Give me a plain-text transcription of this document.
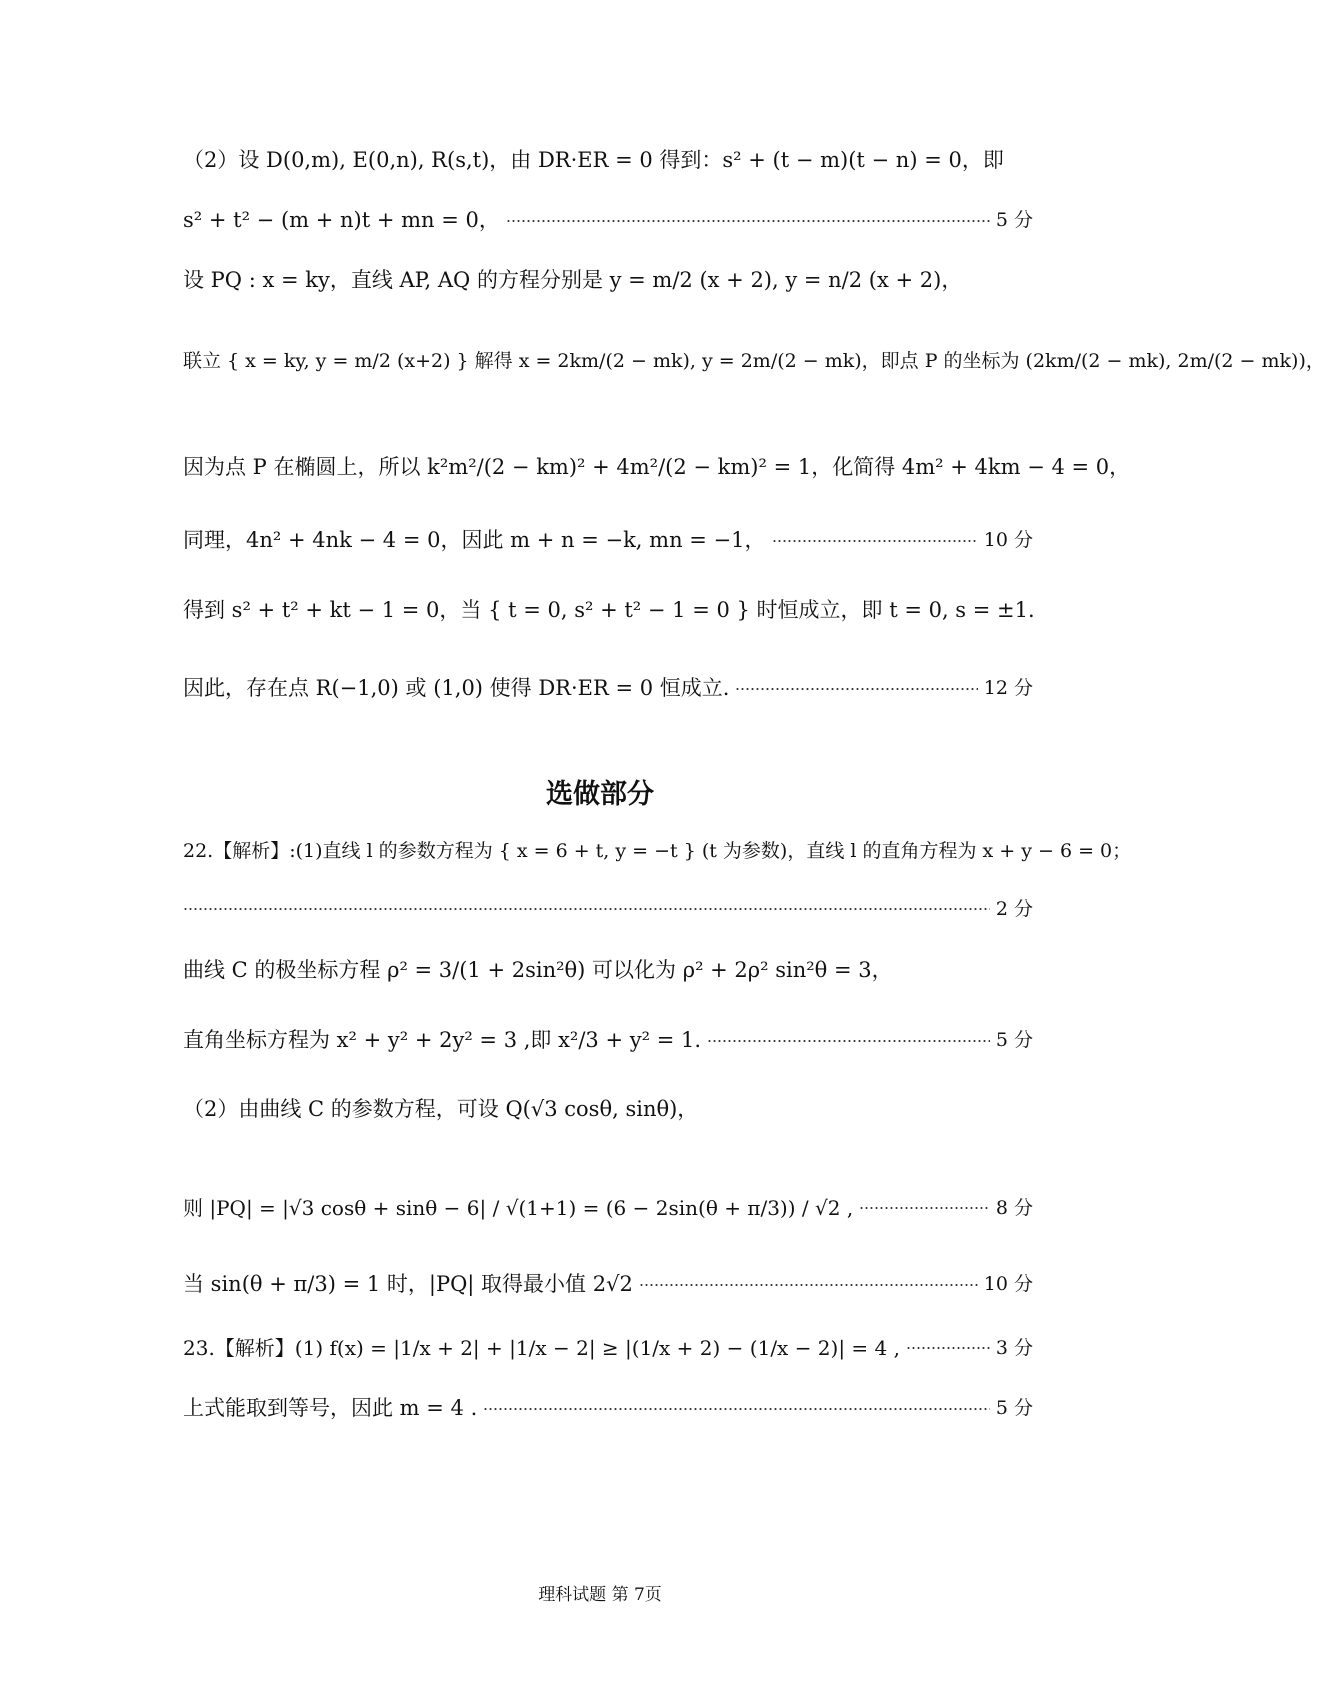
（2）设 D(0,m), E(0,n), R(s,t)，由 DR·ER = 0 得到：s² + (t − m)(t − n) = 0，即
s² + t² − (m + n)t + mn = 0，	5 分
设 PQ : x = ky，直线 AP, AQ 的方程分别是 y = m/2 (x + 2), y = n/2 (x + 2)，
联立 { x = ky, y = m/2 (x+2) } 解得 x = 2km/(2 − mk), y = 2m/(2 − mk)，即点 P 的坐标为 (2km/(2 − mk), 2m/(2 − mk))，
因为点 P 在椭圆上，所以 k²m²/(2 − km)² + 4m²/(2 − km)² = 1，化简得 4m² + 4km − 4 = 0，
同理，4n² + 4nk − 4 = 0，因此 m + n = −k, mn = −1，	10 分
得到 s² + t² + kt − 1 = 0，当 { t = 0, s² + t² − 1 = 0 } 时恒成立，即 t = 0, s = ±1.
因此，存在点 R(−1,0) 或 (1,0) 使得 DR·ER = 0 恒成立.	12 分
选做部分
22.【解析】:(1)直线 l 的参数方程为 { x = 6 + t, y = −t } (t 为参数)，直线 l 的直角方程为 x + y − 6 = 0；
2 分
曲线 C 的极坐标方程 ρ² = 3/(1 + 2sin²θ) 可以化为 ρ² + 2ρ² sin²θ = 3，
直角坐标方程为 x² + y² + 2y² = 3 ,即 x²/3 + y² = 1.	5 分
（2）由曲线 C 的参数方程，可设 Q(√3 cosθ, sinθ)，
则 |PQ| = |√3 cosθ + sinθ − 6| / √(1+1) = (6 − 2sin(θ + π/3)) / √2 ,	8 分
当 sin(θ + π/3) = 1 时，|PQ| 取得最小值 2√2	10 分
23.【解析】(1) f(x) = |1/x + 2| + |1/x − 2| ≥ |(1/x + 2) − (1/x − 2)| = 4 ,	3 分
上式能取到等号，因此 m = 4 .	5 分
理科试题 第 7页
